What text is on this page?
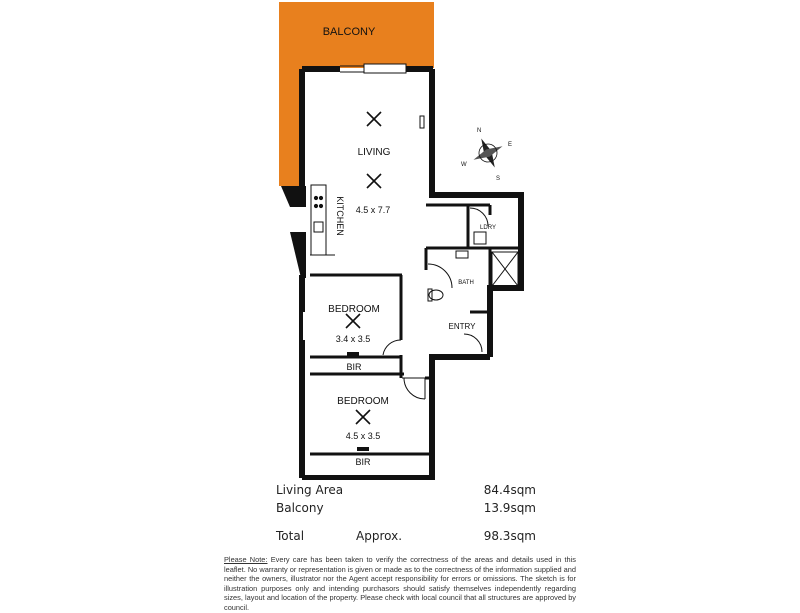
BALCONY
KITCHEN
LIVING
4.5 x 7.7
LDRY
BATH
ENTRY
BEDROOM
3.4 x 3.5
BIR
BEDROOM
4.5 x 3.5
BIR
N
E
S
W
Living Area	84.4sqm
Balcony	13.9sqm
Total	Approx.	98.3sqm
Please Note: Every care has been taken to verify the correctness of the areas and details used in this leaflet. No warranty or representation is given or made as to the correctness of the information supplied and neither the owners, illustrator nor the Agent accept responsibility for errors or omissions. The sketch is for illustration purposes only and intending purchasors should satisfy themselves independently regarding sizes, layout and location of the property. Please check with local council that all structures are approved by council.
